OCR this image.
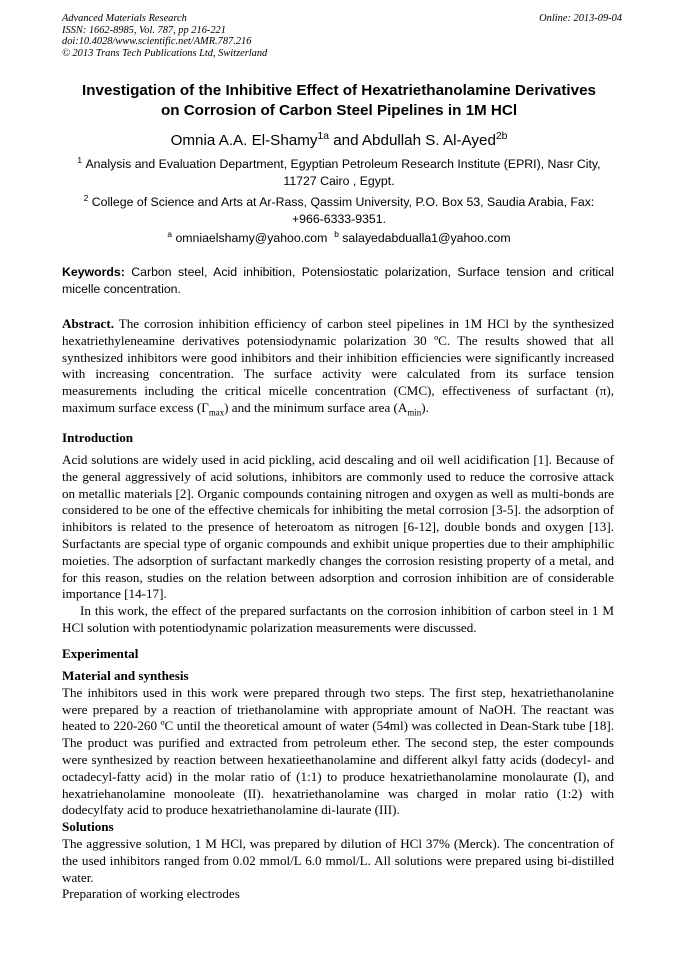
Advanced Materials Research
ISSN: 1662-8985, Vol. 787, pp 216-221
doi:10.4028/www.scientific.net/AMR.787.216
© 2013 Trans Tech Publications Ltd, Switzerland
Online: 2013-09-04
Investigation of the Inhibitive Effect of Hexatriethanolamine Derivatives
on Corrosion of Carbon Steel Pipelines in 1M HCl
Omnia A.A. El-Shamy$^{1a}$ and Abdullah S. Al-Ayed$^{2b}$
$^1$ Analysis and Evaluation Department, Egyptian Petroleum Research Institute (EPRI), Nasr City,
11727 Cairo , Egypt.
$^2$ College of Science and Arts at Ar-Rass, Qassim University, P.O. Box 53, Saudia Arabia, Fax:
+966-6333-9351.
$^a$ omniaelshamy@yahoo.com $^b$ salayedabdualla1@yahoo.com
Keywords: Carbon steel, Acid inhibition, Potensiostatic polarization, Surface tension and critical micelle concentration.
Abstract. The corrosion inhibition efficiency of carbon steel pipelines in 1M HCl by the synthesized hexatriethyleneamine derivatives potensiodynamic polarization 30 ºC. The results showed that all synthesized inhibitors were good inhibitors and their inhibition efficiencies were significantly increased with increasing concentration. The surface activity were calculated from its surface tension measurements including the critical micelle concentration (CMC), effectiveness of surfactant (π), maximum surface excess $(\Gamma_{max})$ and the minimum surface area $(A_{min})$.
Introduction

Acid solutions are widely used in acid pickling, acid descaling and oil well acidification [1]. Because of the general aggressively of acid solutions, inhibitors are commonly used to reduce the corrosive attack on metallic materials [2]. Organic compounds containing nitrogen and oxygen as well as multi-bonds are considered to be one of the effective chemicals for inhibiting the metal corrosion [3-5]. the adsorption of inhibitors is related to the presence of heteroatom as nitrogen [6-12], double bonds and oxygen [13]. Surfactants are special type of organic compounds and exhibit unique properties due to their amphiphilic moieties. The adsorption of surfactant markedly changes the corrosion resisting property of a metal, and for this reason, studies on the relation between adsorption and corrosion inhibition are of considerable importance [14-17].

In this work, the effect of the prepared surfactants on the corrosion inhibition of carbon steel in 1 M HCl solution with potentiodynamic polarization measurements were discussed.

Experimental

Material and synthesis

The inhibitors used in this work were prepared through two steps. The first step, hexatriethanolanine were prepared by a reaction of triethanolamine with appropriate amount of NaOH. The reactant was heated to 220-260 ºC until the theoretical amount of water (54ml) was collected in Dean-Stark tube [18]. The product was purified and extracted from petroleum ether. The second step, the ester compounds were synthesized by reaction between hexatieethanolamine and different alkyl fatty acids (dodecyl- and octadecyl-fatty acid) in the molar ratio of (1:1) to produce hexatriethanolamine monolaurate (I), and hexatriehanolamine monooleate (II). hexatriethanolamine was charged in molar ratio (1:2) with dodecylfaty acid to produce hexatriethanolamine di-laurate (III).

Solutions

The aggressive solution, 1 M HCl, was prepared by dilution of HCl 37% (Merck). The concentration of the used inhibitors ranged from 0.02 mmol/L 6.0 mmol/L. All solutions were prepared using bi-distilled water.

Preparation of working electrodes
